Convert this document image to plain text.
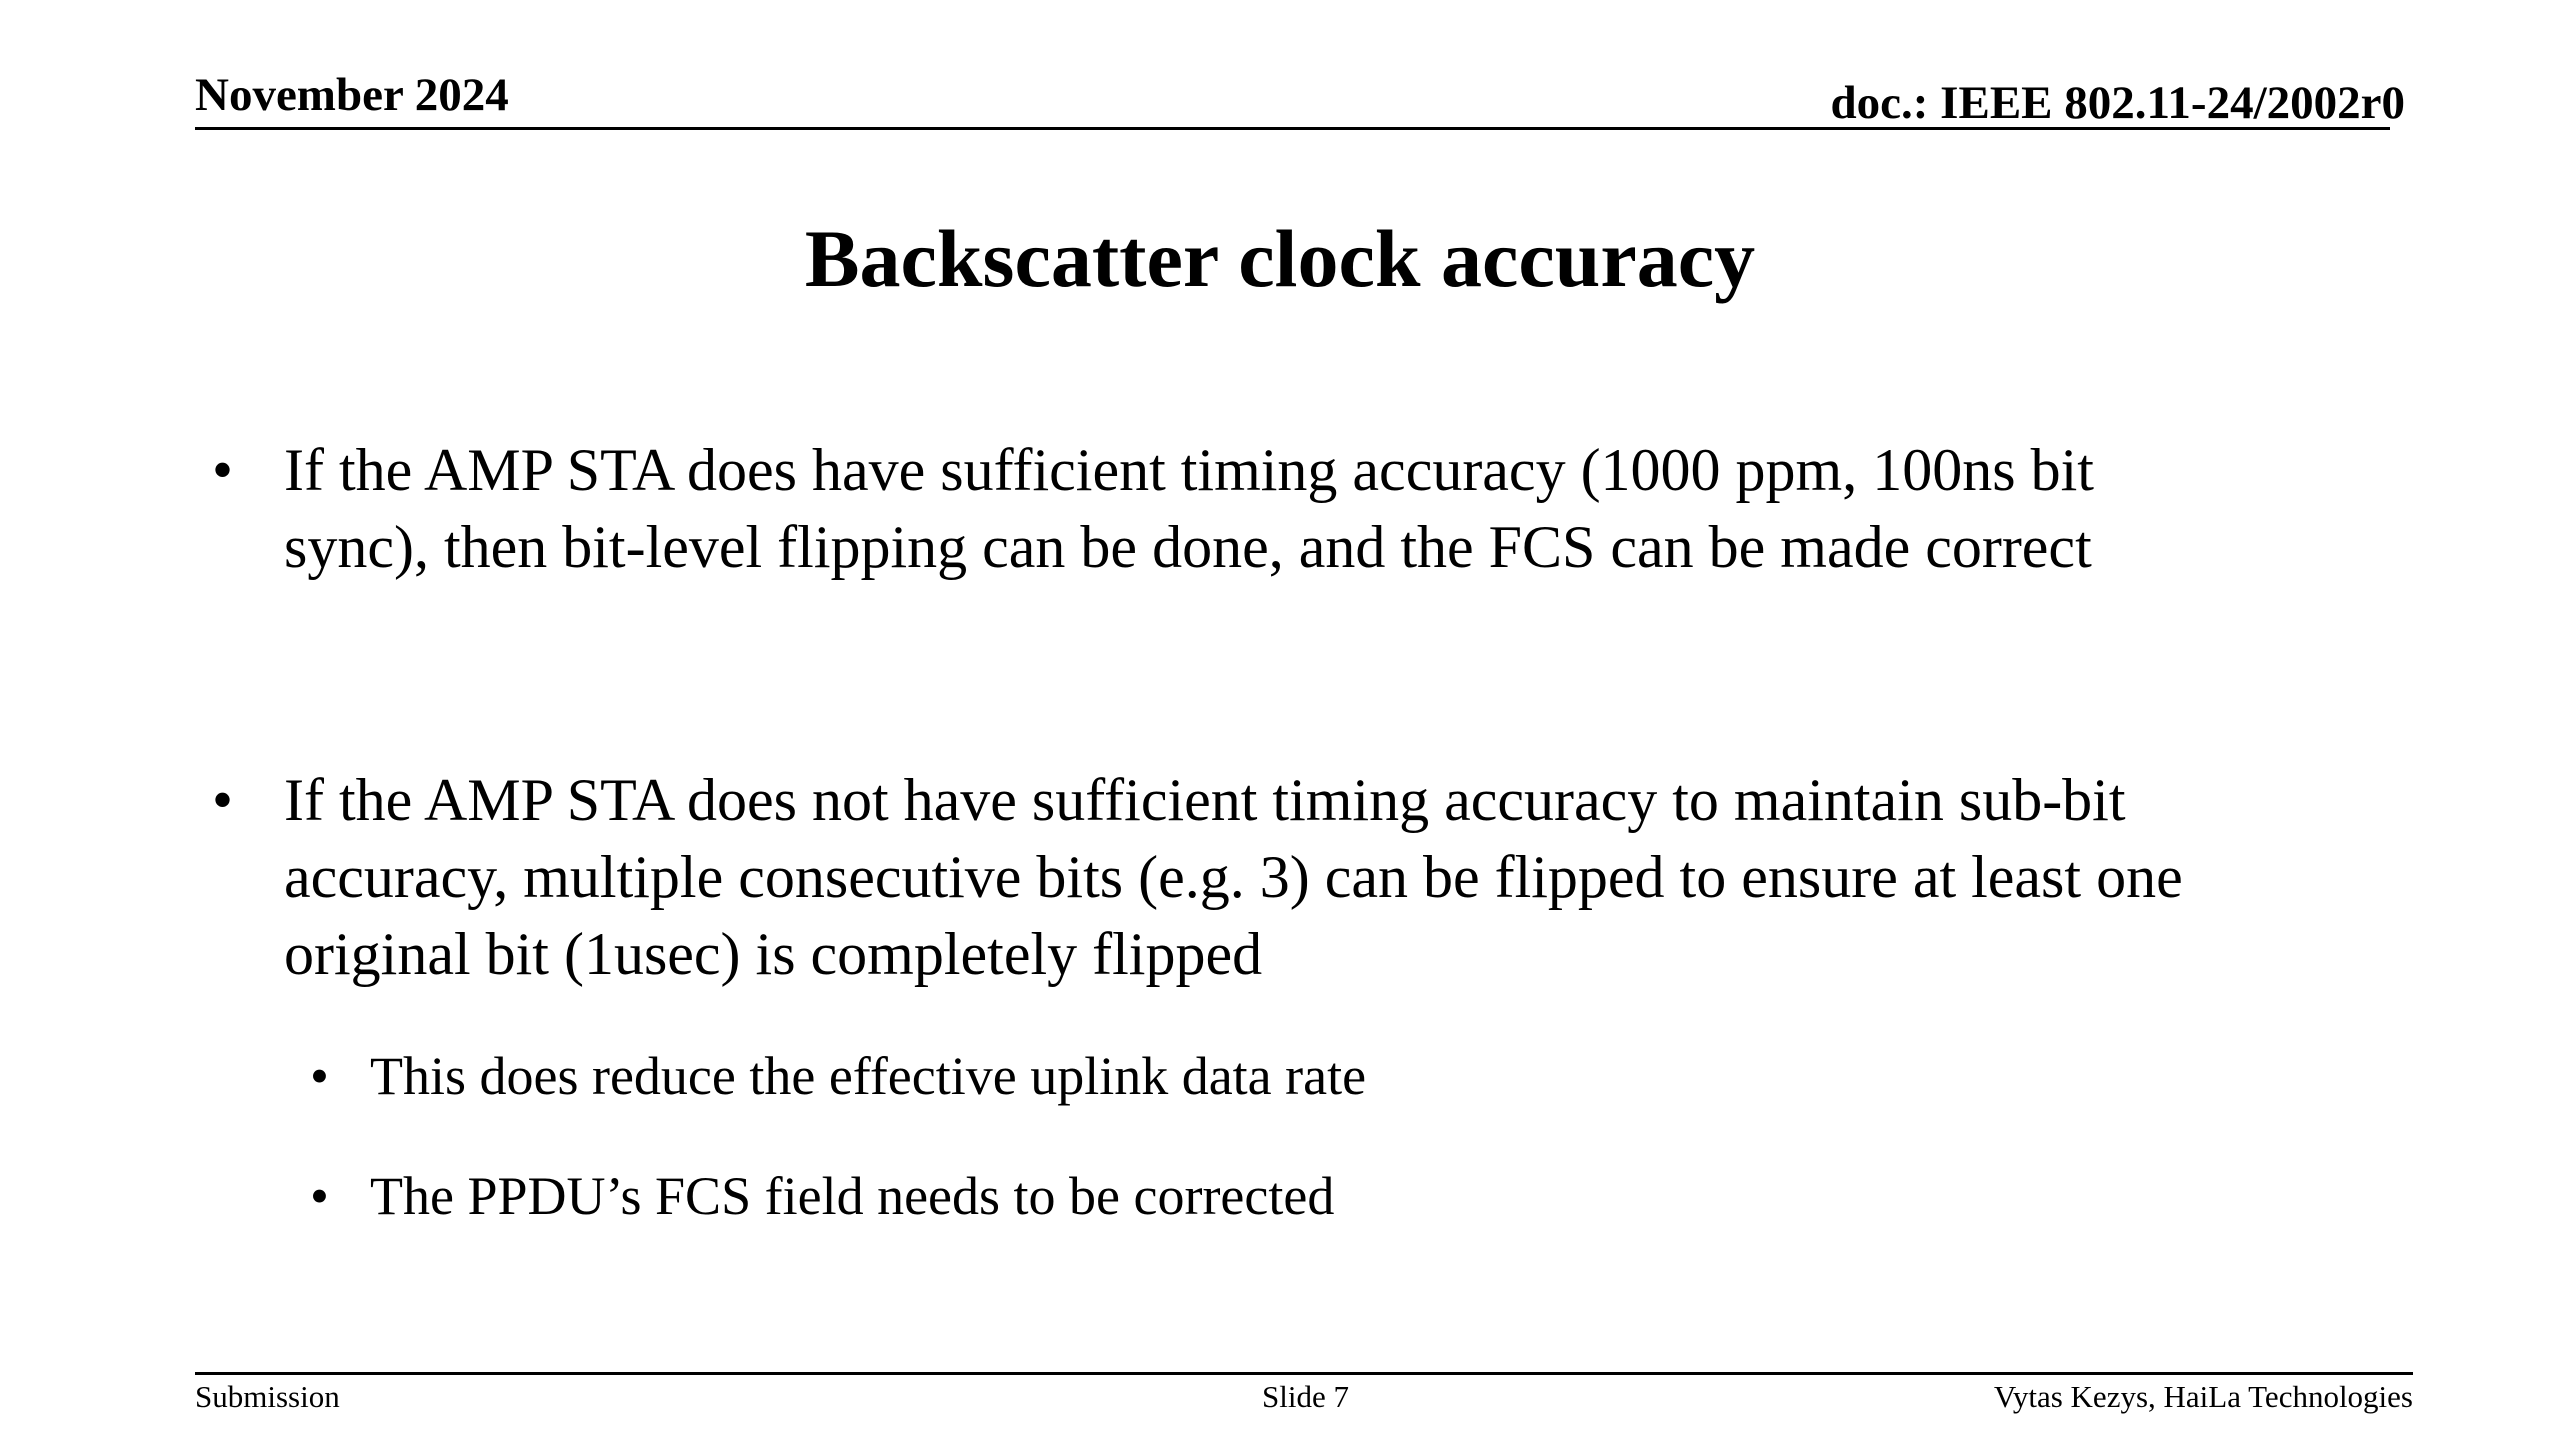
November 2024	doc.: IEEE 802.11-24/2002r0
Backscatter clock accuracy
• If the AMP STA does have sufficient timing accuracy (1000 ppm, 100ns bit
sync), then bit-level flipping can be done, and the FCS can be made correct
• If the AMP STA does not have sufficient timing accuracy to maintain sub-bit
accuracy, multiple consecutive bits (e.g. 3) can be flipped to ensure at least one
original bit (1usec) is completely flipped
• This does reduce the effective uplink data rate
• The PPDU’s FCS field needs to be corrected
Submission	Slide 7	Vytas Kezys, HaiLa Technologies
